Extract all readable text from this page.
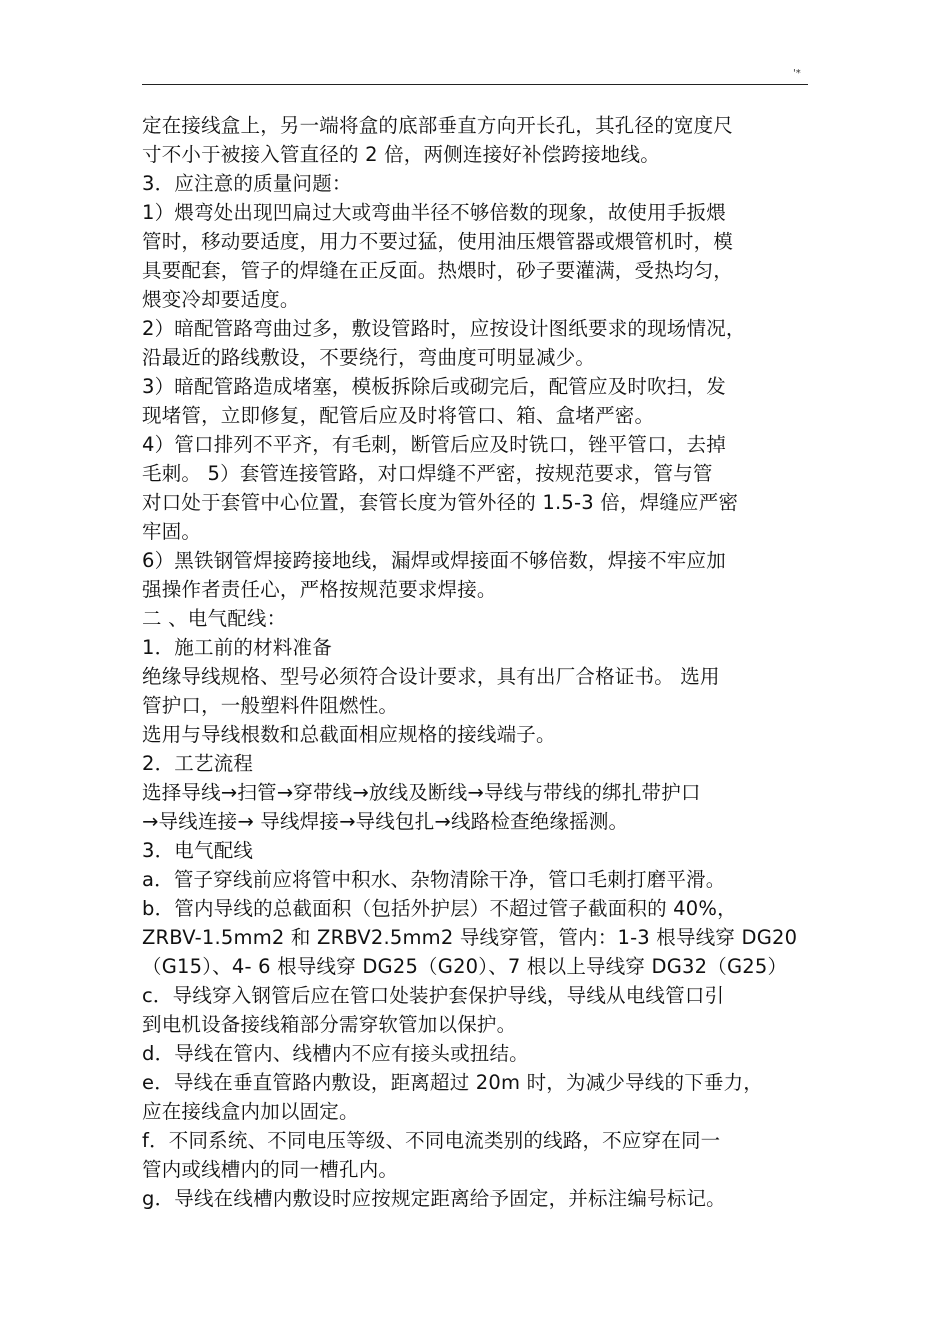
'*

定在接线盒上，另一端将盒的底部垂直方向开长孔，其孔径的宽度尺

寸不小于被接入管直径的 2 倍，两侧连接好补偿跨接地线。

3．应注意的质量问题：

1）煨弯处出现凹扁过大或弯曲半径不够倍数的现象，故使用手扳煨

管时，移动要适度，用力不要过猛，使用油压煨管器或煨管机时，模

具要配套，管子的焊缝在正反面。热煨时，砂子要灌满，受热均匀，

煨变冷却要适度。

2）暗配管路弯曲过多，敷设管路时，应按设计图纸要求的现场情况，

沿最近的路线敷设，不要绕行，弯曲度可明显减少。

3）暗配管路造成堵塞，模板拆除后或砌完后，配管应及时吹扫，发

现堵管，立即修复，配管后应及时将管口、箱、盒堵严密。

4）管口排列不平齐，有毛刺，断管后应及时铣口，锉平管口，去掉

毛刺。 5）套管连接管路，对口焊缝不严密，按规范要求，管与管

对口处于套管中心位置，套管长度为管外径的 1.5-3 倍，焊缝应严密

牢固。

6）黑铁钢管焊接跨接地线，漏焊或焊接面不够倍数，焊接不牢应加

强操作者责任心，严格按规范要求焊接。

二 、电气配线：

1．施工前的材料准备

绝缘导线规格、型号必须符合设计要求，具有出厂合格证书。 选用

管护口，一般塑料件阻燃性。

选用与导线根数和总截面相应规格的接线端子。

2．工艺流程

选择导线→扫管→穿带线→放线及断线→导线与带线的绑扎带护口

→导线连接→ 导线焊接→导线包扎→线路检查绝缘摇测。

3．电气配线

a．管子穿线前应将管中积水、杂物清除干净，管口毛刺打磨平滑。

b．管内导线的总截面积（包括外护层）不超过管子截面积的 40%，

ZRBV-1.5mm2 和 ZRBV2.5mm2 导线穿管，管内：1-3 根导线穿 DG20

（G15）、4- 6 根导线穿 DG25（G20）、7 根以上导线穿 DG32（G25）

c．导线穿入钢管后应在管口处装护套保护导线，导线从电线管口引

到电机设备接线箱部分需穿软管加以保护。

d．导线在管内、线槽内不应有接头或扭结。

e．导线在垂直管路内敷设，距离超过 20m 时，为减少导线的下垂力，

应在接线盒内加以固定。

f．不同系统、不同电压等级、不同电流类别的线路，不应穿在同一

管内或线槽内的同一槽孔内。

g．导线在线槽内敷设时应按规定距离给予固定，并标注编号标记。
